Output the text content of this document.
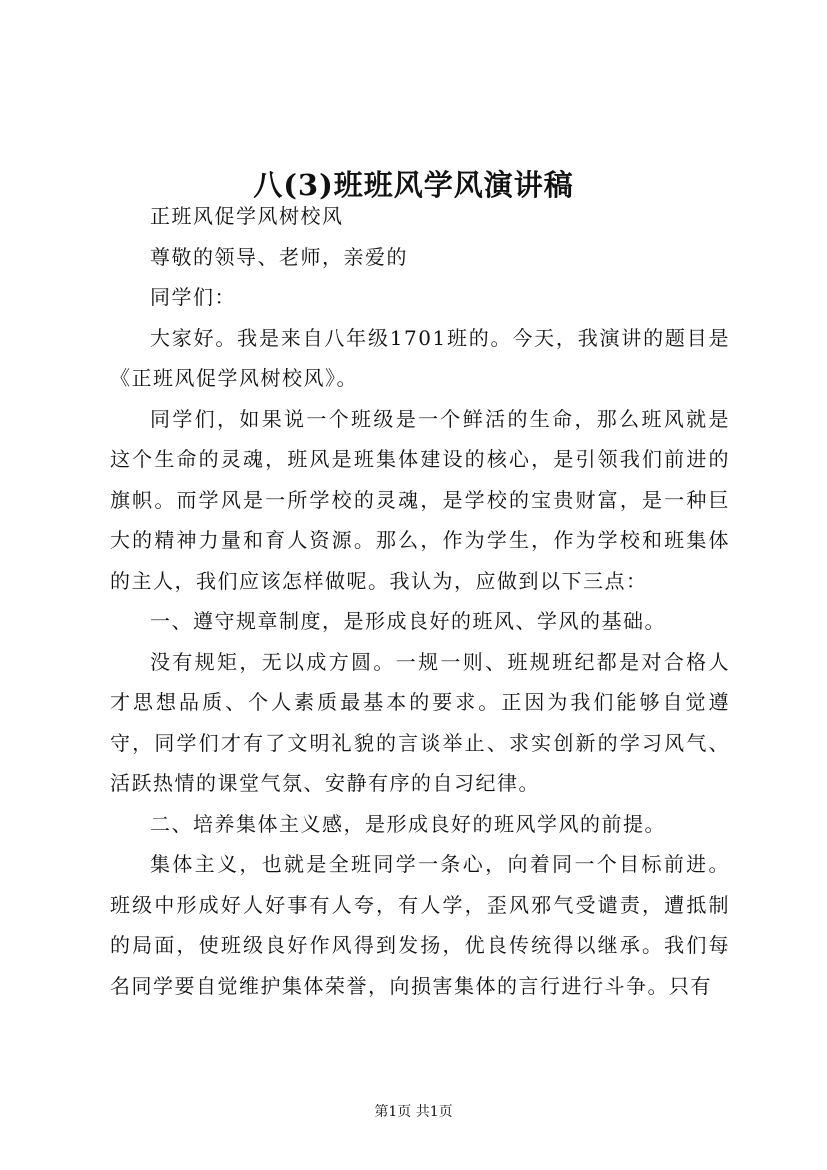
八(3)班班风学风演讲稿

正班风促学风树校风

尊敬的领导、老师，亲爱的

同学们：

大家好。我是来自八年级1701班的。今天，我演讲的题目是《正班风促学风树校风》。

同学们，如果说一个班级是一个鲜活的生命，那么班风就是这个生命的灵魂，班风是班集体建设的核心，是引领我们前进的旗帜。而学风是一所学校的灵魂，是学校的宝贵财富，是一种巨大的精神力量和育人资源。那么，作为学生，作为学校和班集体的主人，我们应该怎样做呢。我认为，应做到以下三点：

一、遵守规章制度，是形成良好的班风、学风的基础。

没有规矩，无以成方圆。一规一则、班规班纪都是对合格人才思想品质、个人素质最基本的要求。正因为我们能够自觉遵守，同学们才有了文明礼貌的言谈举止、求实创新的学习风气、活跃热情的课堂气氛、安静有序的自习纪律。

二、培养集体主义感，是形成良好的班风学风的前提。

集体主义，也就是全班同学一条心，向着同一个目标前进。班级中形成好人好事有人夸，有人学，歪风邪气受谴责，遭抵制的局面，使班级良好作风得到发扬，优良传统得以继承。我们每名同学要自觉维护集体荣誉，向损害集体的言行进行斗争。只有

第1页 共1页
